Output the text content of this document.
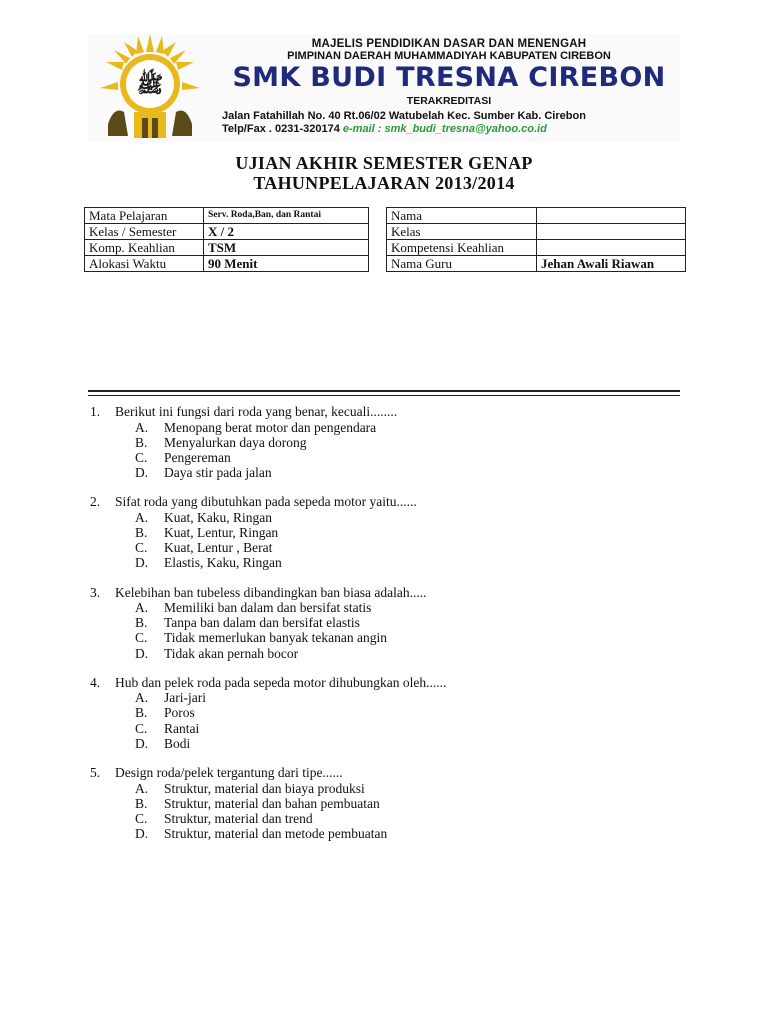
ﷺ
MAJELIS PENDIDIKAN DASAR DAN MENENGAH
PIMPINAN DAERAH MUHAMMADIYAH KABUPATEN CIREBON
SMK BUDI TRESNA CIREBON
TERAKREDITASI
Jalan Fatahillah No. 40 Rt.06/02 Watubelah Kec. Sumber Kab. Cirebon
Telp/Fax . 0231-320174 e-mail : smk_budi_tresna@yahoo.co.id
UJIAN AKHIR SEMESTER GENAP
TAHUNPELAJARAN 2013/2014
Mata Pelajaran	Serv. Roda,Ban, dan Rantai
Kelas / Semester	X / 2
Komp. Keahlian	TSM
Alokasi Waktu	90 Menit
Nama	
Kelas	
Kompetensi Keahlian	
Nama Guru	Jehan Awali Riawan
1. Berikut ini fungsi dari roda yang benar, kecuali........
A. Menopang berat motor dan pengendara
B. Menyalurkan daya dorong
C. Pengereman
D. Daya stir pada jalan
2. Sifat roda yang dibutuhkan pada sepeda motor yaitu......
A. Kuat, Kaku, Ringan
B. Kuat, Lentur, Ringan
C. Kuat, Lentur , Berat
D. Elastis, Kaku, Ringan
3. Kelebihan ban tubeless dibandingkan ban biasa adalah.....
A. Memiliki ban dalam dan bersifat statis
B. Tanpa ban dalam dan bersifat elastis
C. Tidak memerlukan banyak tekanan angin
D. Tidak akan pernah bocor
4. Hub dan pelek roda pada sepeda motor dihubungkan oleh......
A. Jari-jari
B. Poros
C. Rantai
D. Bodi
5. Design roda/pelek tergantung dari tipe......
A. Struktur, material dan biaya produksi
B. Struktur, material dan bahan pembuatan
C. Struktur, material dan trend
D. Struktur, material dan metode pembuatan
